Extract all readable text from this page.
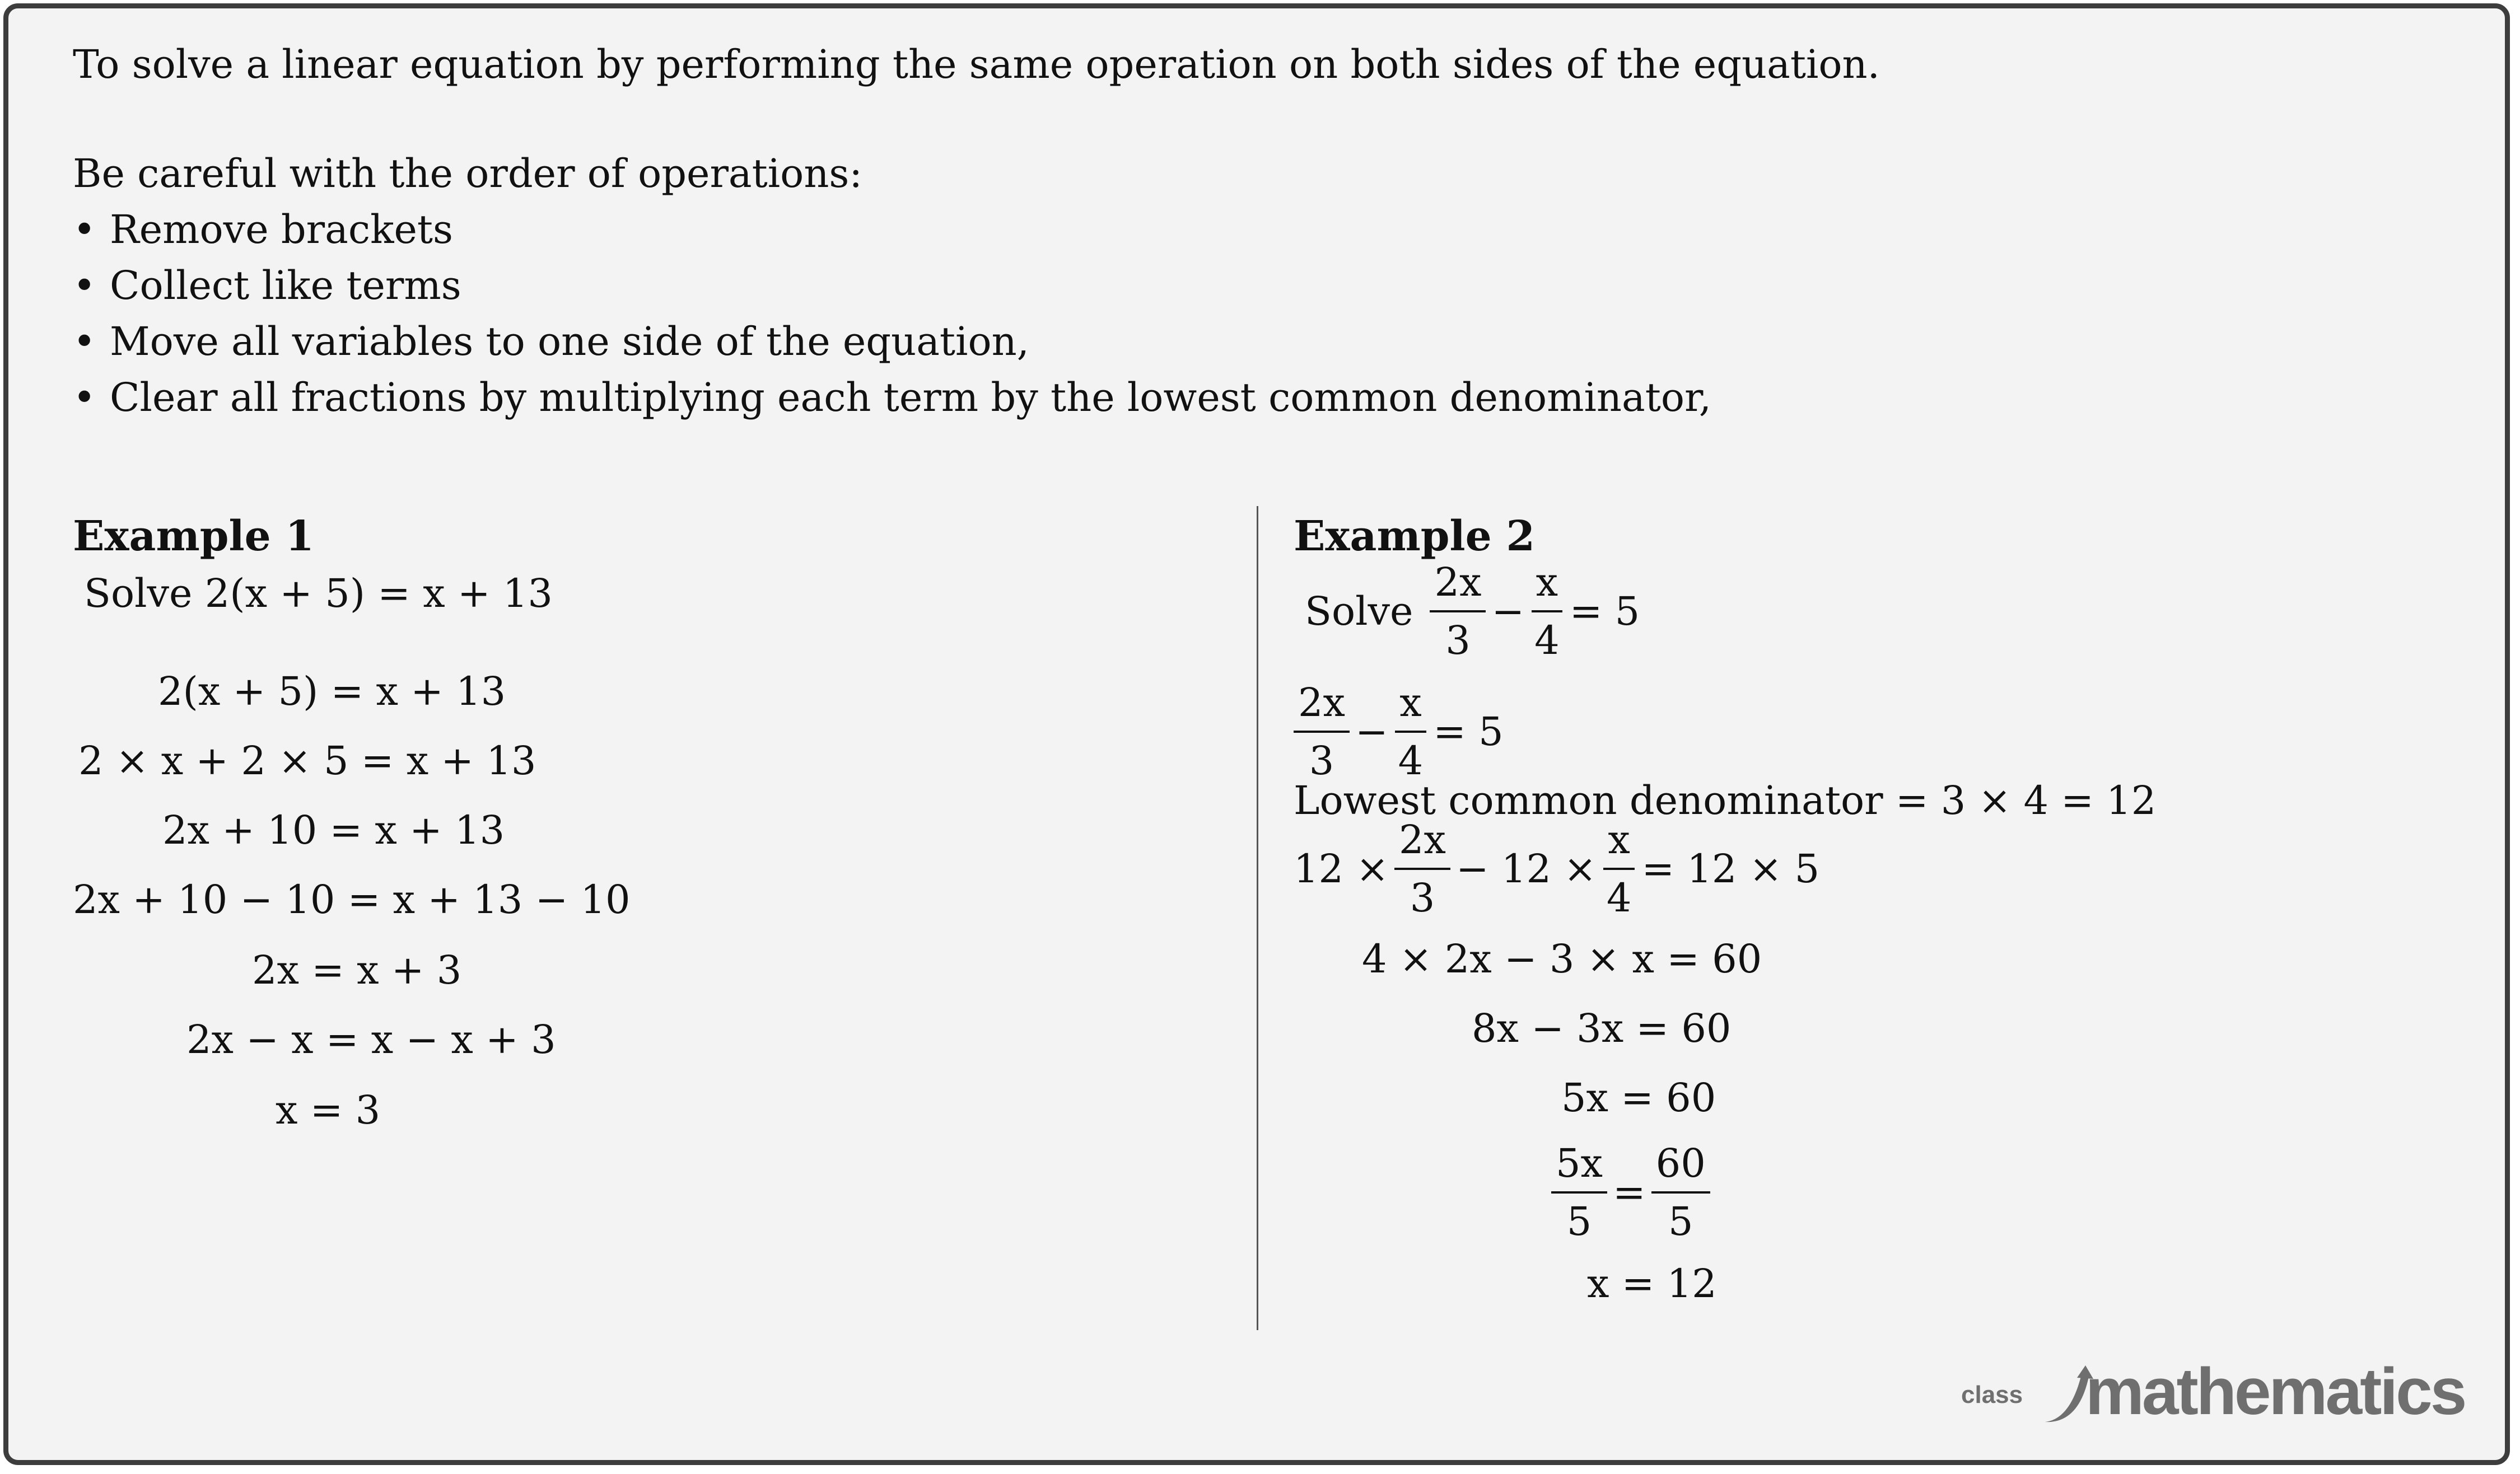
To solve a linear equation by performing the same operation on both sides of the equation.
Be careful with the order of operations:
• Remove brackets
• Collect like terms
• Move all variables to one side of the equation,
• Clear all fractions by multiplying each term by the lowest common denominator,
Example 1
Solve 2(x + 5) = x + 13
2(x + 5) = x + 13
2 × x + 2 × 5 = x + 13
2x + 10 = x + 13
2x + 10 − 10 = x + 13 − 10
2x = x + 3
2x − x = x − x + 3
x = 3
Example 2
Solve $\frac{2x}{3} - \frac{x}{4} = 5$
$\frac{2x}{3} - \frac{x}{4} = 5$
Lowest common denominator = 3 × 4 = 12
$12 \times \frac{2x}{3} - 12 \times \frac{x}{4} = 12 \times 5$
4 × 2x − 3 × x = 60
8x − 3x = 60
5x = 60
$\frac{5x}{5} = \frac{60}{5}$
x = 12
class mathematics
